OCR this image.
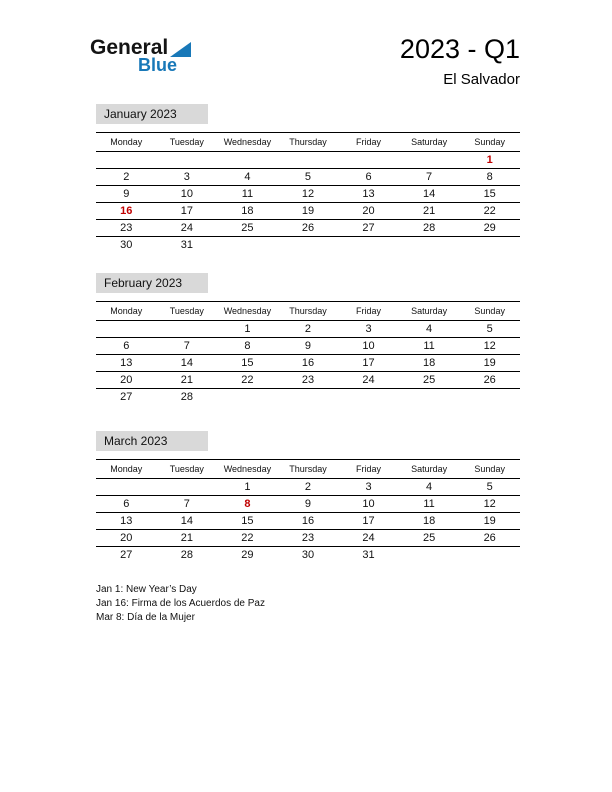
General
Blue
2023 - Q1
El Salvador
January 2023
Monday	Tuesday	Wednesday	Thursday	Friday	Saturday	Sunday
						1
2	3	4	5	6	7	8
9	10	11	12	13	14	15
16	17	18	19	20	21	22
23	24	25	26	27	28	29
30	31					
February 2023
Monday	Tuesday	Wednesday	Thursday	Friday	Saturday	Sunday
		1	2	3	4	5
6	7	8	9	10	11	12
13	14	15	16	17	18	19
20	21	22	23	24	25	26
27	28					
March 2023
Monday	Tuesday	Wednesday	Thursday	Friday	Saturday	Sunday
		1	2	3	4	5
6	7	8	9	10	11	12
13	14	15	16	17	18	19
20	21	22	23	24	25	26
27	28	29	30	31		
Jan 1: New Year’s Day
Jan 16: Firma de los Acuerdos de Paz
Mar 8: Día de la Mujer
